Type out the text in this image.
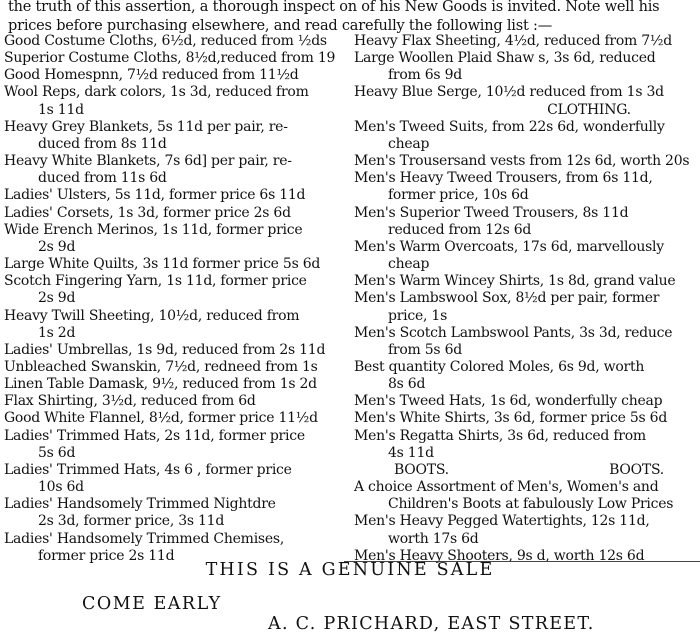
the truth of this assertion, a thorough inspect on of his New Goods is invited. Note well his
prices before purchasing elsewhere, and read carefully the following list :—
Good Costume Cloths, 6½d, reduced from ½ds
Superior Costume Cloths, 8½d,reduced from 19
Good Homespnn, 7½d reduced from 11½d
Wool Reps, dark colors, 1s 3d, reduced from
1s 11d
Heavy Grey Blankets, 5s 11d per pair, re-
duced from 8s 11d
Heavy White Blankets, 7s 6d] per pair, re-
duced from 11s 6d
Ladies' Ulsters, 5s 11d, former price 6s 11d
Ladies' Corsets, 1s 3d, former price 2s 6d
Wide Erench Merinos, 1s 11d, former price
2s 9d
Large White Quilts, 3s 11d former price 5s 6d
Scotch Fingering Yarn, 1s 11d, former price
2s 9d
Heavy Twill Sheeting, 10½d, reduced from
1s 2d
Ladies' Umbrellas, 1s 9d, reduced from 2s 11d
Unbleached Swanskin, 7½d, redneed from 1s
Linen Table Damask, 9½, reduced from 1s 2d
Flax Shirting, 3½d, reduced from 6d
Good White Flannel, 8½d, former price 11½d
Ladies' Trimmed Hats, 2s 11d, former price
5s 6d
Ladies' Trimmed Hats, 4s 6 , former price
10s 6d
Ladies' Handsomely Trimmed Nightdre
2s 3d, former price, 3s 11d
Ladies' Handsomely Trimmed Chemises,
former price 2s 11d
Heavy Flax Sheeting, 4½d, reduced from 7½d
Large Woollen Plaid Shaw s, 3s 6d, reduced
from 6s 9d
Heavy Blue Serge, 10½d reduced from 1s 3d
CLOTHING.
Men's Tweed Suits, from 22s 6d, wonderfully
cheap
Men's Trousersand vests from 12s 6d, worth 20s
Men's Heavy Tweed Trousers, from 6s 11d,
former price, 10s 6d
Men's Superior Tweed Trousers, 8s 11d
reduced from 12s 6d
Men's Warm Overcoats, 17s 6d, marvellously
cheap
Men's Warm Wincey Shirts, 1s 8d, grand value
Men's Lambswool Sox, 8½d per pair, former
price, 1s
Men's Scotch Lambswool Pants, 3s 3d, reduce
from 5s 6d
Best quantity Colored Moles, 6s 9d, worth
8s 6d
Men's Tweed Hats, 1s 6d, wonderfully cheap
Men's White Shirts, 3s 6d, former price 5s 6d
Men's Regatta Shirts, 3s 6d, reduced from
4s 11d
BOOTS.	BOOTS.
A choice Assortment of Men's, Women's and
Children's Boots at fabulously Low Prices
Men's Heavy Pegged Watertights, 12s 11d,
worth 17s 6d
Men's Heavy Shooters, 9s d, worth 12s 6d
THIS IS A GENUINE SALE
COME EARLY
A. C. PRICHARD, EAST STREET.
